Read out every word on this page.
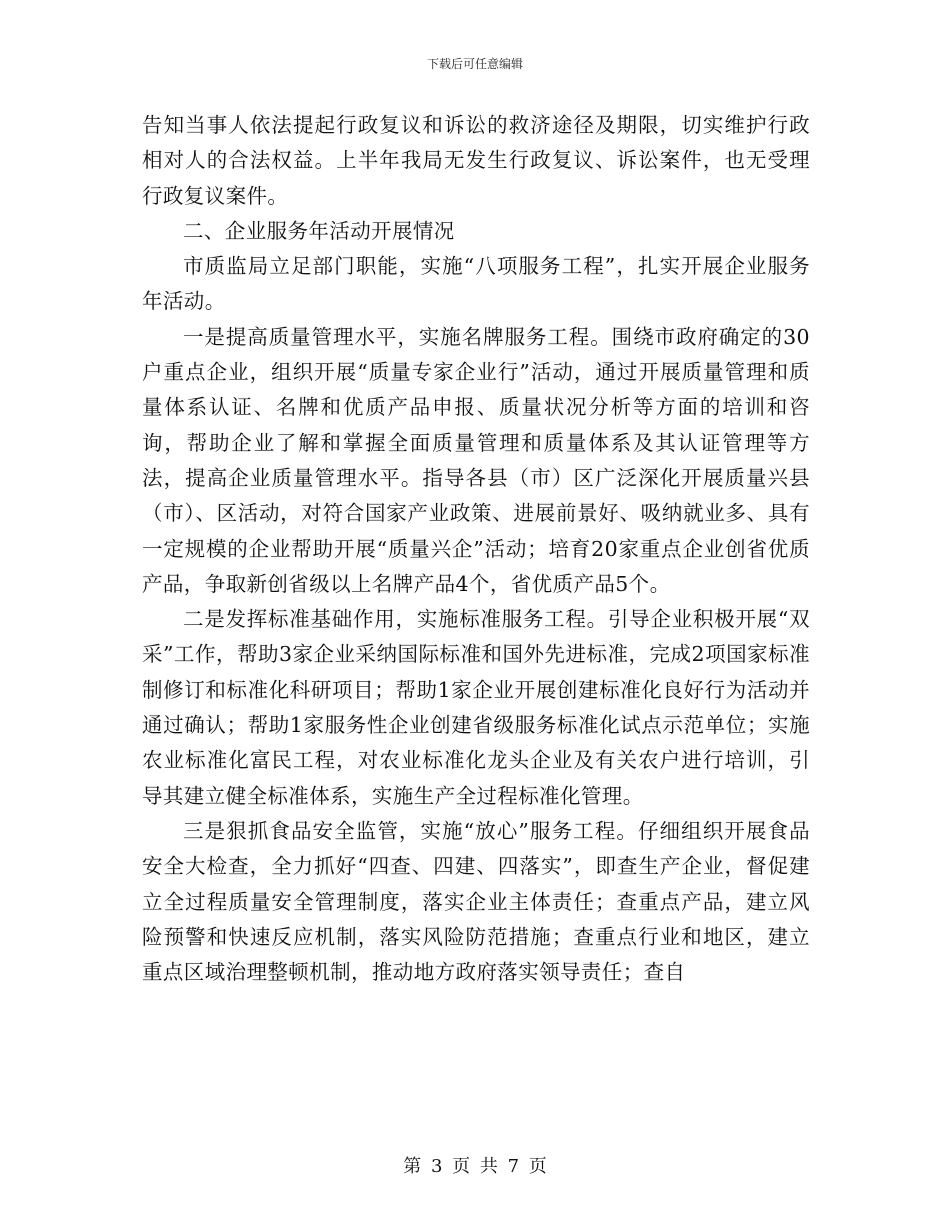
下载后可任意编辑

告知当事人依法提起行政复议和诉讼的救济途径及期限，切实维护行政相对人的合法权益。上半年我局无发生行政复议、诉讼案件，也无受理行政复议案件。

二、企业服务年活动开展情况

市质监局立足部门职能，实施“八项服务工程”，扎实开展企业服务年活动。

一是提高质量管理水平，实施名牌服务工程。围绕市政府确定的30户重点企业，组织开展“质量专家企业行”活动，通过开展质量管理和质量体系认证、名牌和优质产品申报、质量状况分析等方面的培训和咨询，帮助企业了解和掌握全面质量管理和质量体系及其认证管理等方法，提高企业质量管理水平。指导各县（市）区广泛深化开展质量兴县（市）、区活动，对符合国家产业政策、进展前景好、吸纳就业多、具有一定规模的企业帮助开展“质量兴企”活动；培育20家重点企业创省优质产品，争取新创省级以上名牌产品4个，省优质产品5个。

二是发挥标准基础作用，实施标准服务工程。引导企业积极开展“双采”工作，帮助3家企业采纳国际标准和国外先进标准，完成2项国家标准制修订和标准化科研项目；帮助1家企业开展创建标准化良好行为活动并通过确认；帮助1家服务性企业创建省级服务标准化试点示范单位；实施农业标准化富民工程，对农业标准化龙头企业及有关农户进行培训，引导其建立健全标准体系，实施生产全过程标准化管理。

三是狠抓食品安全监管，实施“放心”服务工程。仔细组织开展食品安全大检查，全力抓好“四查、四建、四落实”，即查生产企业，督促建立全过程质量安全管理制度，落实企业主体责任；查重点产品，建立风险预警和快速反应机制，落实风险防范措施；查重点行业和地区，建立重点区域治理整顿机制，推动地方政府落实领导责任；查自

第 3 页 共 7 页
